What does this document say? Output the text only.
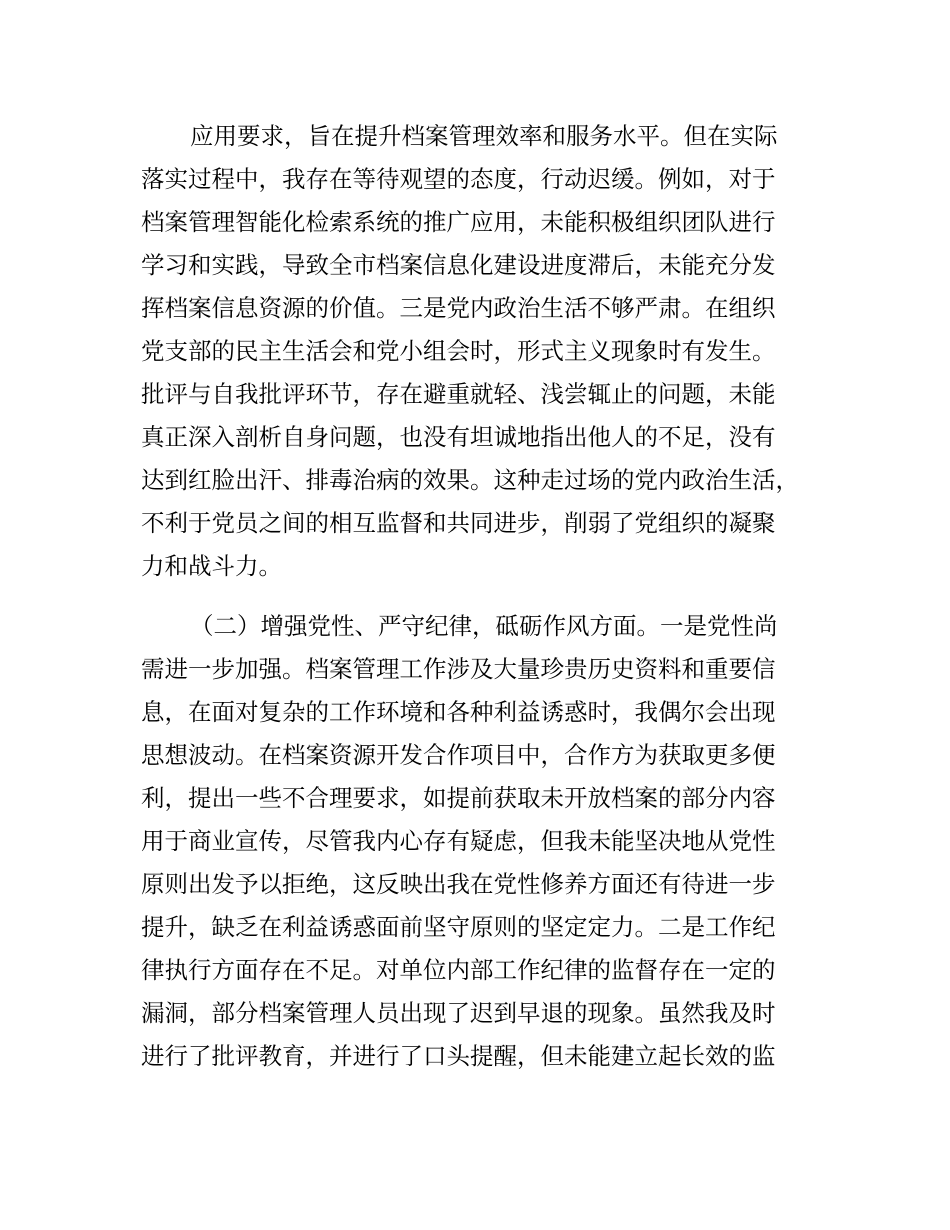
应用要求，旨在提升档案管理效率和服务水平。但在实际
落实过程中，我存在等待观望的态度，行动迟缓。例如，对于
档案管理智能化检索系统的推广应用，未能积极组织团队进行
学习和实践，导致全市档案信息化建设进度滞后，未能充分发
挥档案信息资源的价值。三是党内政治生活不够严肃。在组织
党支部的民主生活会和党小组会时，形式主义现象时有发生。
批评与自我批评环节，存在避重就轻、浅尝辄止的问题，未能
真正深入剖析自身问题，也没有坦诚地指出他人的不足，没有
达到红脸出汗、排毒治病的效果。这种走过场的党内政治生活，
不利于党员之间的相互监督和共同进步，削弱了党组织的凝聚
力和战斗力。
（二）增强党性、严守纪律，砥砺作风方面。一是党性尚
需进一步加强。档案管理工作涉及大量珍贵历史资料和重要信
息，在面对复杂的工作环境和各种利益诱惑时，我偶尔会出现
思想波动。在档案资源开发合作项目中，合作方为获取更多便
利，提出一些不合理要求，如提前获取未开放档案的部分内容
用于商业宣传，尽管我内心存有疑虑，但我未能坚决地从党性
原则出发予以拒绝，这反映出我在党性修养方面还有待进一步
提升，缺乏在利益诱惑面前坚守原则的坚定定力。二是工作纪
律执行方面存在不足。对单位内部工作纪律的监督存在一定的
漏洞，部分档案管理人员出现了迟到早退的现象。虽然我及时
进行了批评教育，并进行了口头提醒，但未能建立起长效的监
